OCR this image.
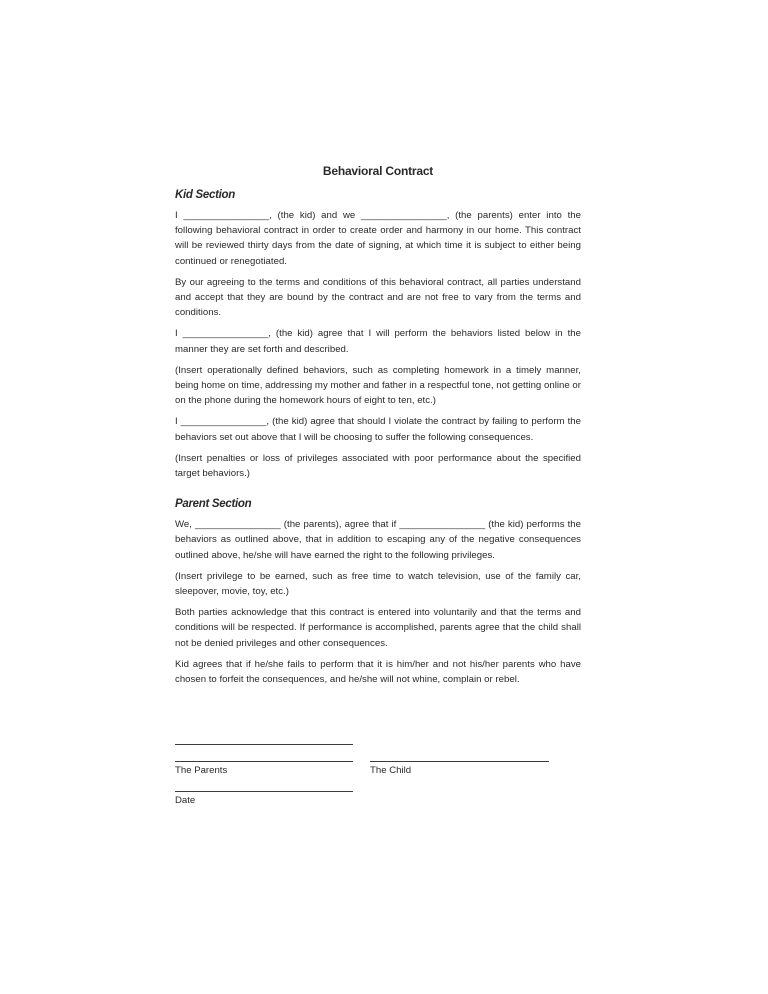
Behavioral Contract
Kid Section

I ________________, (the kid) and we ________________, (the parents) enter into the following behavioral contract in order to create order and harmony in our home. This contract will be reviewed thirty days from the date of signing, at which time it is subject to either being continued or renegotiated.

By our agreeing to the terms and conditions of this behavioral contract, all parties understand and accept that they are bound by the contract and are not free to vary from the terms and conditions.

I ________________, (the kid) agree that I will perform the behaviors listed below in the manner they are set forth and described.

(Insert operationally defined behaviors, such as completing homework in a timely manner, being home on time, addressing my mother and father in a respectful tone, not getting online or on the phone during the homework hours of eight to ten, etc.)

I ________________, (the kid) agree that should I violate the contract by failing to perform the behaviors set out above that I will be choosing to suffer the following consequences.

(Insert penalties or loss of privileges associated with poor performance about the specified target behaviors.)

Parent Section

We, ________________ (the parents), agree that if ________________ (the kid) performs the behaviors as outlined above, that in addition to escaping any of the negative consequences outlined above, he/she will have earned the right to the following privileges.

(Insert privilege to be earned, such as free time to watch television, use of the family car, sleepover, movie, toy, etc.)

Both parties acknowledge that this contract is entered into voluntarily and that the terms and conditions will be respected. If performance is accomplished, parents agree that the child shall not be denied privileges and other consequences.

Kid agrees that if he/she fails to perform that it is him/her and not his/her parents who have chosen to forfeit the consequences, and he/she will not whine, complain or rebel.

The Parents	The Child
Date
